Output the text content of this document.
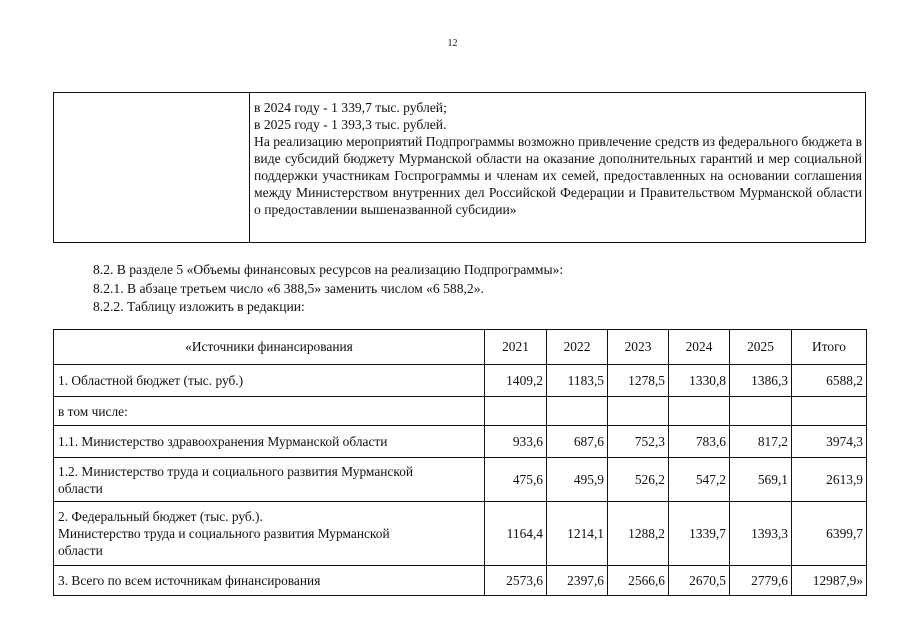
12
в 2024 году - 1 339,7 тыс. рублей;
в 2025 году - 1 393,3 тыс. рублей.
На реализацию мероприятий Подпрограммы возможно привлечение средств из федерального бюджета в виде субсидий бюджету Мурманской области на оказание дополнительных гарантий и мер социальной поддержки участникам Госпрограммы и членам их семей, предоставленных на основании соглашения между Министерством внутренних дел Российской Федерации и Правительством Мурманской области о предоставлении вышеназванной субсидии»
8.2. В разделе 5 «Объемы финансовых ресурсов на реализацию Подпрограммы»:
8.2.1. В абзаце третьем число «6 388,5» заменить числом «6 588,2».
8.2.2. Таблицу изложить в редакции:
«Источники финансирования	2021	2022	2023	2024	2025	Итого

1. Областной бюджет (тыс. руб.)	1409,2	1183,5	1278,5	1330,8	1386,3	6588,2

в том числе:						

1.1. Министерство здравоохранения Мурманской области	933,6	687,6	752,3	783,6	817,2	3974,3

1.2. Министерство труда и социального развития Мурманской
области	475,6	495,9	526,2	547,2	569,1	2613,9

2. Федеральный бюджет (тыс. руб.).
Министерство труда и социального развития Мурманской
области	1164,4	1214,1	1288,2	1339,7	1393,3	6399,7

3. Всего по всем источникам финансирования	2573,6	2397,6	2566,6	2670,5	2779,6	12987,9»
